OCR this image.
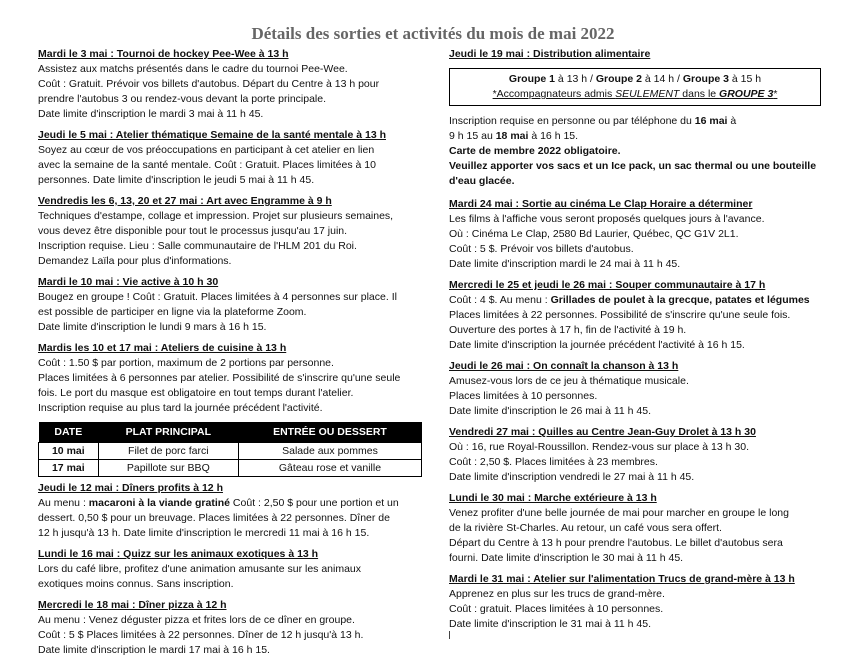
Détails des sorties et activités du mois de mai 2022
Mardi le 3 mai : Tournoi de hockey Pee-Wee à 13 h
Assistez aux matchs présentés dans le cadre du tournoi Pee-Wee.
Coût : Gratuit. Prévoir vos billets d'autobus. Départ du Centre à 13 h pour
prendre l'autobus 3 ou rendez-vous devant la porte principale.
Date limite d'inscription le mardi 3 mai à 11 h 45.
Jeudi le 5 mai : Atelier thématique Semaine de la santé mentale à 13 h
Soyez au cœur de vos préoccupations en participant à cet atelier en lien
avec la semaine de la santé mentale. Coût : Gratuit. Places limitées à 10
personnes. Date limite d'inscription le jeudi 5 mai à 11 h 45.
Vendredis les 6, 13, 20 et 27 mai : Art avec Engramme à 9 h
Techniques d'estampe, collage et impression. Projet sur plusieurs semaines,
vous devez être disponible pour tout le processus jusqu'au 17 juin.
Inscription requise. Lieu : Salle communautaire de l'HLM 201 du Roi.
Demandez Laïla pour plus d'informations.
Mardi le 10 mai : Vie active à 10 h 30
Bougez en groupe ! Coût : Gratuit. Places limitées à 4 personnes sur place. Il
est possible de participer en ligne via la plateforme Zoom.
Date limite d'inscription le lundi 9 mars à 16 h 15.
Mardis les 10 et 17 mai : Ateliers de cuisine à 13 h
Coût : 1.50 $ par portion, maximum de 2 portions par personne.
Places limitées à 6 personnes par atelier. Possibilité de s'inscrire qu'une seule
fois. Le port du masque est obligatoire en tout temps durant l'atelier.
Inscription requise au plus tard la journée précédent l'activité.
DATE	PLAT PRINCIPAL	ENTRÉE OU DESSERT
10 mai	Filet de porc farci	Salade aux pommes
17 mai	Papillote sur BBQ	Gâteau rose et vanille
Jeudi le 12 mai : Dîners profits à 12 h
Au menu : macaroni à la viande gratiné Coût : 2,50 $ pour une portion et un
dessert. 0,50 $ pour un breuvage. Places limitées à 22 personnes. Dîner de
12 h jusqu'à 13 h. Date limite d'inscription le mercredi 11 mai à 16 h 15.
Lundi le 16 mai : Quizz sur les animaux exotiques à 13 h
Lors du café libre, profitez d'une animation amusante sur les animaux
exotiques moins connus. Sans inscription.
Mercredi le 18 mai : Dîner pizza à 12 h
Au menu : Venez déguster pizza et frites lors de ce dîner en groupe.
Coût : 5 $ Places limitées à 22 personnes. Dîner de 12 h jusqu'à 13 h.
Date limite d'inscription le mardi 17 mai à 16 h 15.
Jeudi le 19 mai : Distribution alimentaire
Groupe 1 à 13 h / Groupe 2 à 14 h / Groupe 3 à 15 h
*Accompagnateurs admis SEULEMENT dans le GROUPE 3*
Inscription requise en personne ou par téléphone du 16 mai à
9 h 15 au 18 mai à 16 h 15.
Carte de membre 2022 obligatoire.
Veuillez apporter vos sacs et un Ice pack, un sac thermal ou une bouteille
d'eau glacée.
Mardi 24 mai : Sortie au cinéma Le Clap Horaire a déterminer
Les films à l'affiche vous seront proposés quelques jours à l'avance.
Où : Cinéma Le Clap, 2580 Bd Laurier, Québec, QC G1V 2L1.
Coût : 5 $. Prévoir vos billets d'autobus.
Date limite d'inscription mardi le 24 mai à 11 h 45.
Mercredi le 25 et jeudi le 26 mai : Souper communautaire à 17 h
Coût : 4 $. Au menu : Grillades de poulet à la grecque, patates et légumes
Places limitées à 22 personnes. Possibilité de s'inscrire qu'une seule fois.
Ouverture des portes à 17 h, fin de l'activité à 19 h.
Date limite d'inscription la journée précédent l'activité à 16 h 15.
Jeudi le 26 mai : On connaît la chanson à 13 h
Amusez-vous lors de ce jeu à thématique musicale.
Places limitées à 10 personnes.
Date limite d'inscription le 26 mai à 11 h 45.
Vendredi 27 mai : Quilles au Centre Jean-Guy Drolet à 13 h 30
Où : 16, rue Royal-Roussillon. Rendez-vous sur place à 13 h 30.
Coût : 2,50 $. Places limitées à 23 membres.
Date limite d'inscription vendredi le 27 mai à 11 h 45.
Lundi le 30 mai : Marche extérieure à 13 h
Venez profiter d'une belle journée de mai pour marcher en groupe le long
de la rivière St-Charles. Au retour, un café vous sera offert.
Départ du Centre à 13 h pour prendre l'autobus. Le billet d'autobus sera
fourni. Date limite d'inscription le 30 mai à 11 h 45.
Mardi le 31 mai : Atelier sur l'alimentation Trucs de grand-mère à 13 h
Apprenez en plus sur les trucs de grand-mère.
Coût : gratuit. Places limitées à 10 personnes.
Date limite d'inscription le 31 mai à 11 h 45.
